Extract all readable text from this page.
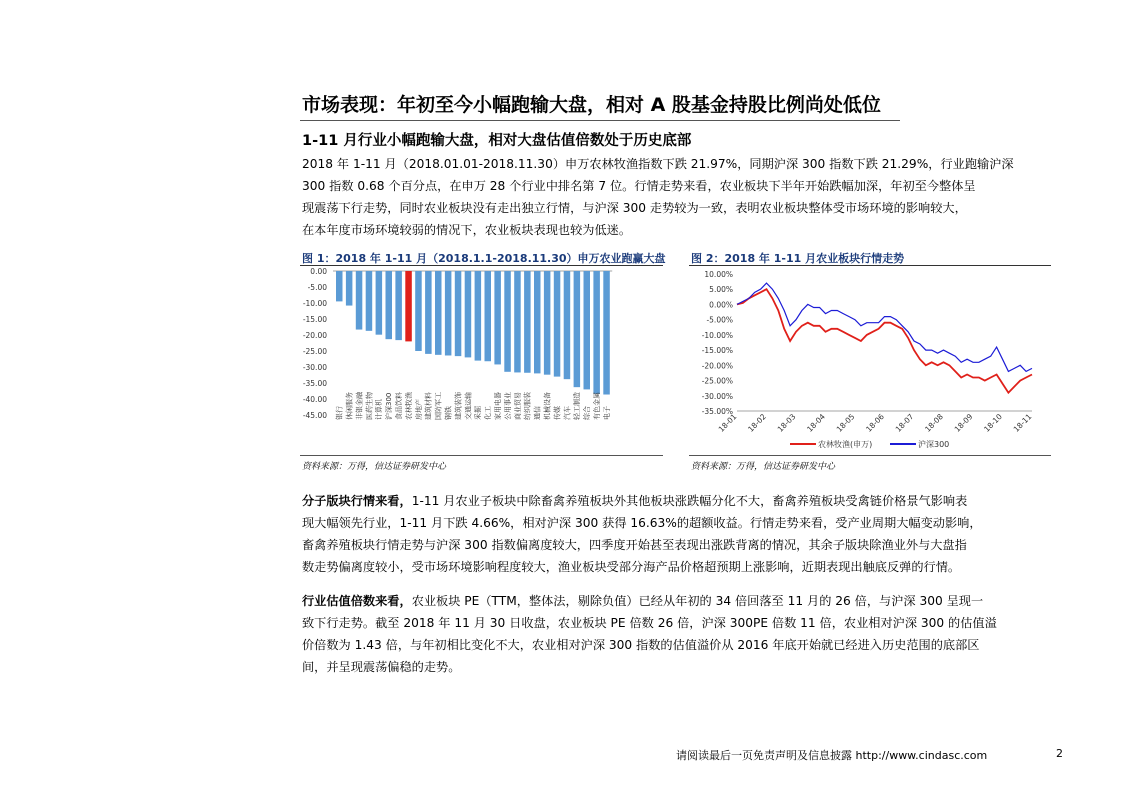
市场表现：年初至今小幅跑输大盘，相对 A 股基金持股比例尚处低位
1-11 月行业小幅跑输大盘，相对大盘估值倍数处于历史底部
2018 年 1-11 月（2018.01.01-2018.11.30）申万农林牧渔指数下跌 21.97%，同期沪深 300 指数下跌 21.29%，行业跑输沪深
300 指数 0.68 个百分点，在申万 28 个行业中排名第 7 位。行情走势来看，农业板块下半年开始跌幅加深，年初至今整体呈
现震荡下行走势，同时农业板块没有走出独立行情，与沪深 300 走势较为一致，表明农业板块整体受市场环境的影响较大，
在本年度市场环境较弱的情况下，农业板块表现也较为低迷。
图 1：2018 年 1-11 月（2018.1.1-2018.11.30）申万农业跑赢大盘
0.00
-5.00
-10.00
-15.00
-20.00
-25.00
-30.00
-35.00
-40.00
-45.00 银行 休闲服务 非银金融 医药生物 计算机 沪深300 食品饮料 农林牧渔 房地产 建筑材料 国防军工 钢铁 建筑装饰 交通运输 采掘 化工 家用电器 公用事业 商业贸易 纺织服装 通信 机械设备 传媒 汽车 轻工制造 综合 有色金属 电子
资料来源：万得，信达证券研发中心
图 2：2018 年 1-11 月农业板块行情走势
10.00%
5.00%
0.00%
-5.00%
-10.00%
-15.00%
-20.00%
-25.00%
-30.00%
-35.00%
18-01 18-02 18-03 18-04 18-05 18-06 18-07 18-08 18-09 18-10 18-11
农林牧渔(申万)	沪深300
资料来源：万得，信达证券研发中心
分子版块行情来看，1-11 月农业子板块中除畜禽养殖板块外其他板块涨跌幅分化不大，畜禽养殖板块受禽链价格景气影响表
现大幅领先行业，1-11 月下跌 4.66%，相对沪深 300 获得 16.63%的超额收益。行情走势来看，受产业周期大幅变动影响，
畜禽养殖板块行情走势与沪深 300 指数偏离度较大，四季度开始甚至表现出涨跌背离的情况，其余子版块除渔业外与大盘指
数走势偏离度较小，受市场环境影响程度较大，渔业板块受部分海产品价格超预期上涨影响，近期表现出触底反弹的行情。
行业估值倍数来看，农业板块 PE（TTM，整体法，剔除负值）已经从年初的 34 倍回落至 11 月的 26 倍，与沪深 300 呈现一
致下行走势。截至 2018 年 11 月 30 日收盘，农业板块 PE 倍数 26 倍，沪深 300PE 倍数 11 倍，农业相对沪深 300 的估值溢
价倍数为 1.43 倍，与年初相比变化不大，农业相对沪深 300 指数的估值溢价从 2016 年底开始就已经进入历史范围的底部区
间，并呈现震荡偏稳的走势。
请阅读最后一页免责声明及信息披露 http://www.cindasc.com	2
